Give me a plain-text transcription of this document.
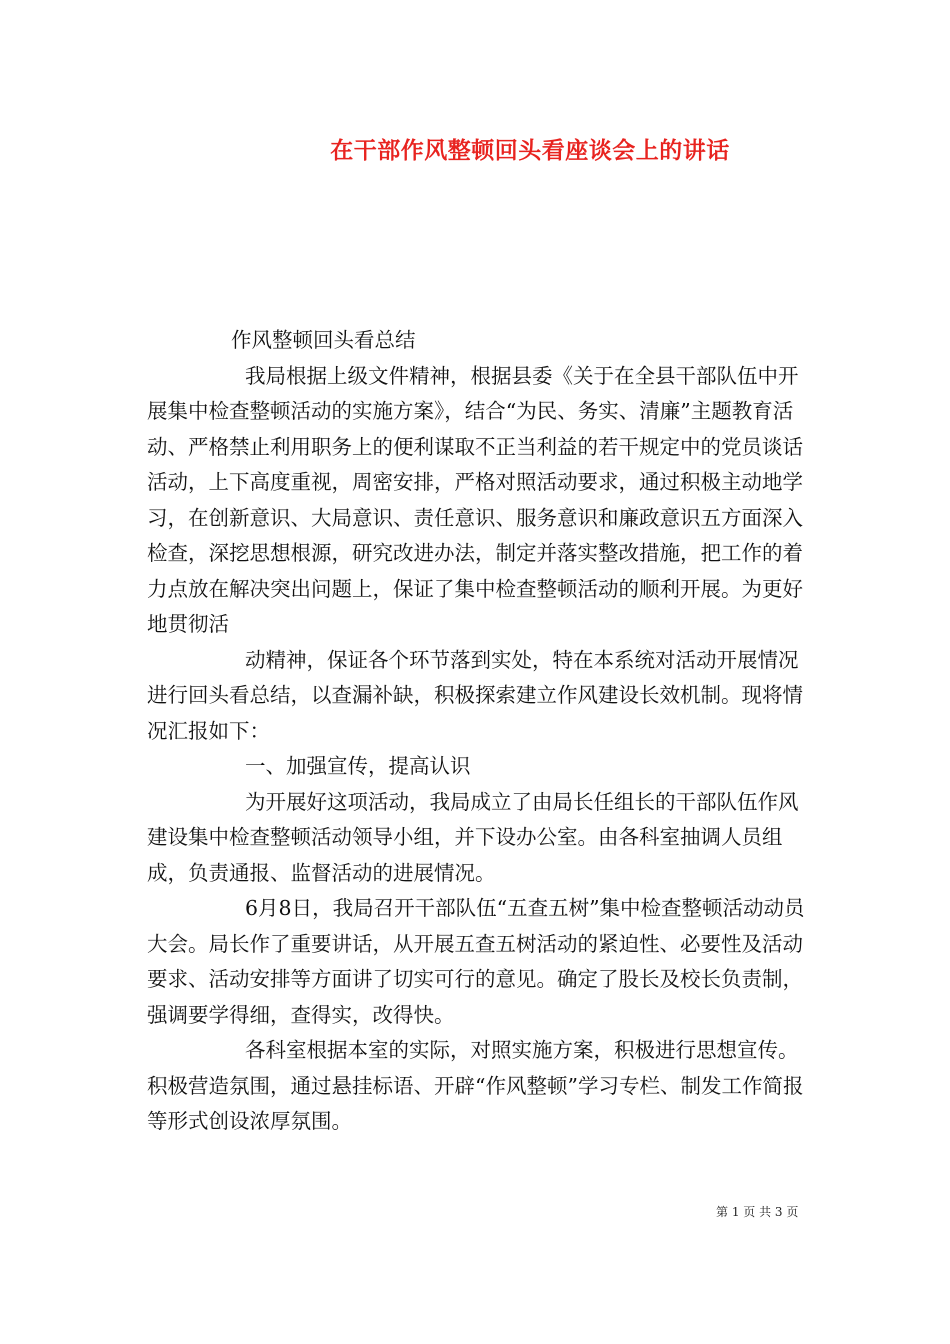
在干部作风整顿回头看座谈会上的讲话

作风整顿回头看总结

我局根据上级文件精神，根据县委《关于在全县干部队伍中开展集中检查整顿活动的实施方案》，结合“为民、务实、清廉”主题教育活动、严格禁止利用职务上的便利谋取不正当利益的若干规定中的党员谈话活动，上下高度重视，周密安排，严格对照活动要求，通过积极主动地学习，在创新意识、大局意识、责任意识、服务意识和廉政意识五方面深入检查，深挖思想根源，研究改进办法，制定并落实整改措施，把工作的着力点放在解决突出问题上，保证了集中检查整顿活动的顺利开展。为更好地贯彻活

动精神，保证各个环节落到实处，特在本系统对活动开展情况进行回头看总结，以查漏补缺，积极探索建立作风建设长效机制。现将情况汇报如下：

一、加强宣传，提高认识

为开展好这项活动，我局成立了由局长任组长的干部队伍作风建设集中检查整顿活动领导小组，并下设办公室。由各科室抽调人员组成，负责通报、监督活动的进展情况。

6月8日，我局召开干部队伍“五查五树”集中检查整顿活动动员大会。局长作了重要讲话，从开展五查五树活动的紧迫性、必要性及活动要求、活动安排等方面讲了切实可行的意见。确定了股长及校长负责制，强调要学得细，查得实，改得快。

各科室根据本室的实际，对照实施方案，积极进行思想宣传。积极营造氛围，通过悬挂标语、开辟“作风整顿”学习专栏、制发工作简报等形式创设浓厚氛围。

第 1 页 共 3 页
